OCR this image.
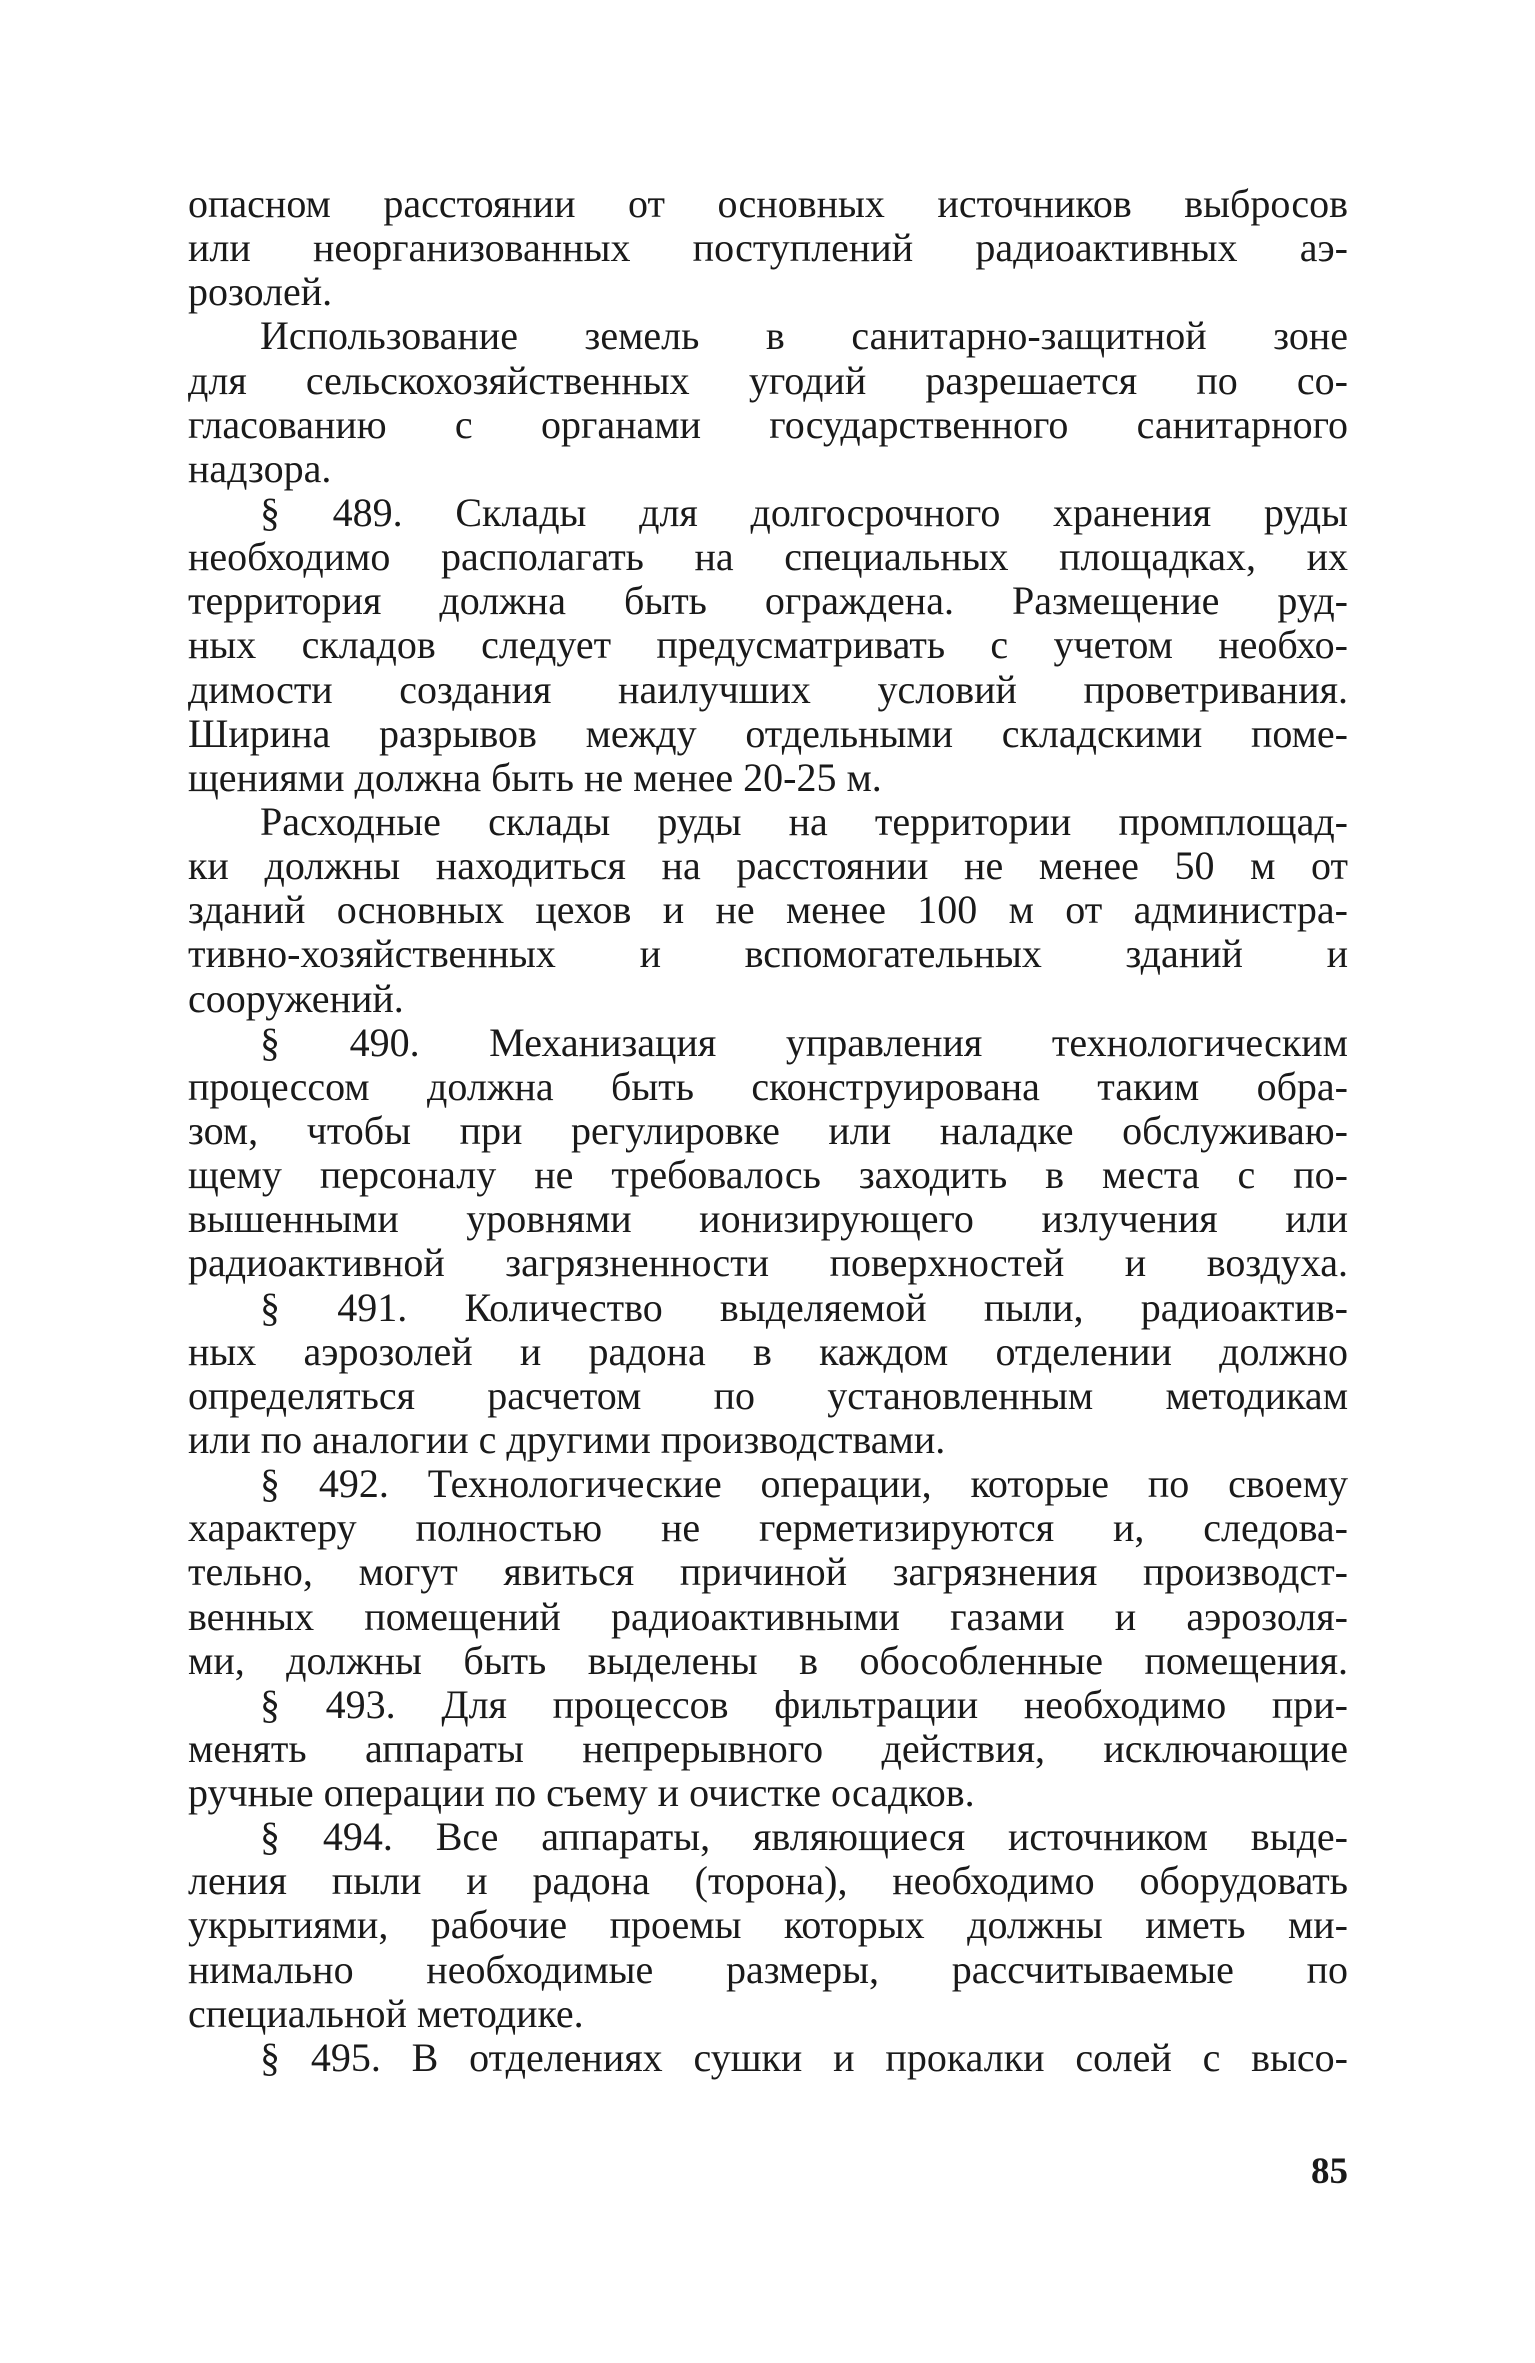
опасном расстоянии от основных источников выбросов
или неорганизованных поступлений радиоактивных аэ-
розолей.
Использование земель в санитарно-защитной зоне
для сельскохозяйственных угодий разрешается по со-
гласованию с органами государственного санитарного
надзора.
§ 489. Склады для долгосрочного хранения руды
необходимо располагать на специальных площадках, их
территория должна быть ограждена. Размещение руд-
ных складов следует предусматривать с учетом необхо-
димости создания наилучших условий проветривания.
Ширина разрывов между отдельными складскими поме-
щениями должна быть не менее 20-25 м.
Расходные склады руды на территории промплощад-
ки должны находиться на расстоянии не менее 50 м от
зданий основных цехов и не менее 100 м от администра-
тивно-хозяйственных и вспомогательных зданий и
сооружений.
§ 490. Механизация управления технологическим
процессом должна быть сконструирована таким обра-
зом, чтобы при регулировке или наладке обслуживаю-
щему персоналу не требовалось заходить в места с по-
вышенными уровнями ионизирующего излучения или
радиоактивной загрязненности поверхностей и воздуха.
§ 491. Количество выделяемой пыли, радиоактив-
ных аэрозолей и радона в каждом отделении должно
определяться расчетом по установленным методикам
или по аналогии с другими производствами.
§ 492. Технологические операции, которые по своему
характеру полностью не герметизируются и, следова-
тельно, могут явиться причиной загрязнения производст-
венных помещений радиоактивными газами и аэрозоля-
ми, должны быть выделены в обособленные помещения.
§ 493. Для процессов фильтрации необходимо при-
менять аппараты непрерывного действия, исключающие
ручные операции по съему и очистке осадков.
§ 494. Все аппараты, являющиеся источником выде-
ления пыли и радона (торона), необходимо оборудовать
укрытиями, рабочие проемы которых должны иметь ми-
нимально необходимые размеры, рассчитываемые по
специальной методике.
§ 495. В отделениях сушки и прокалки солей с высо-
85
